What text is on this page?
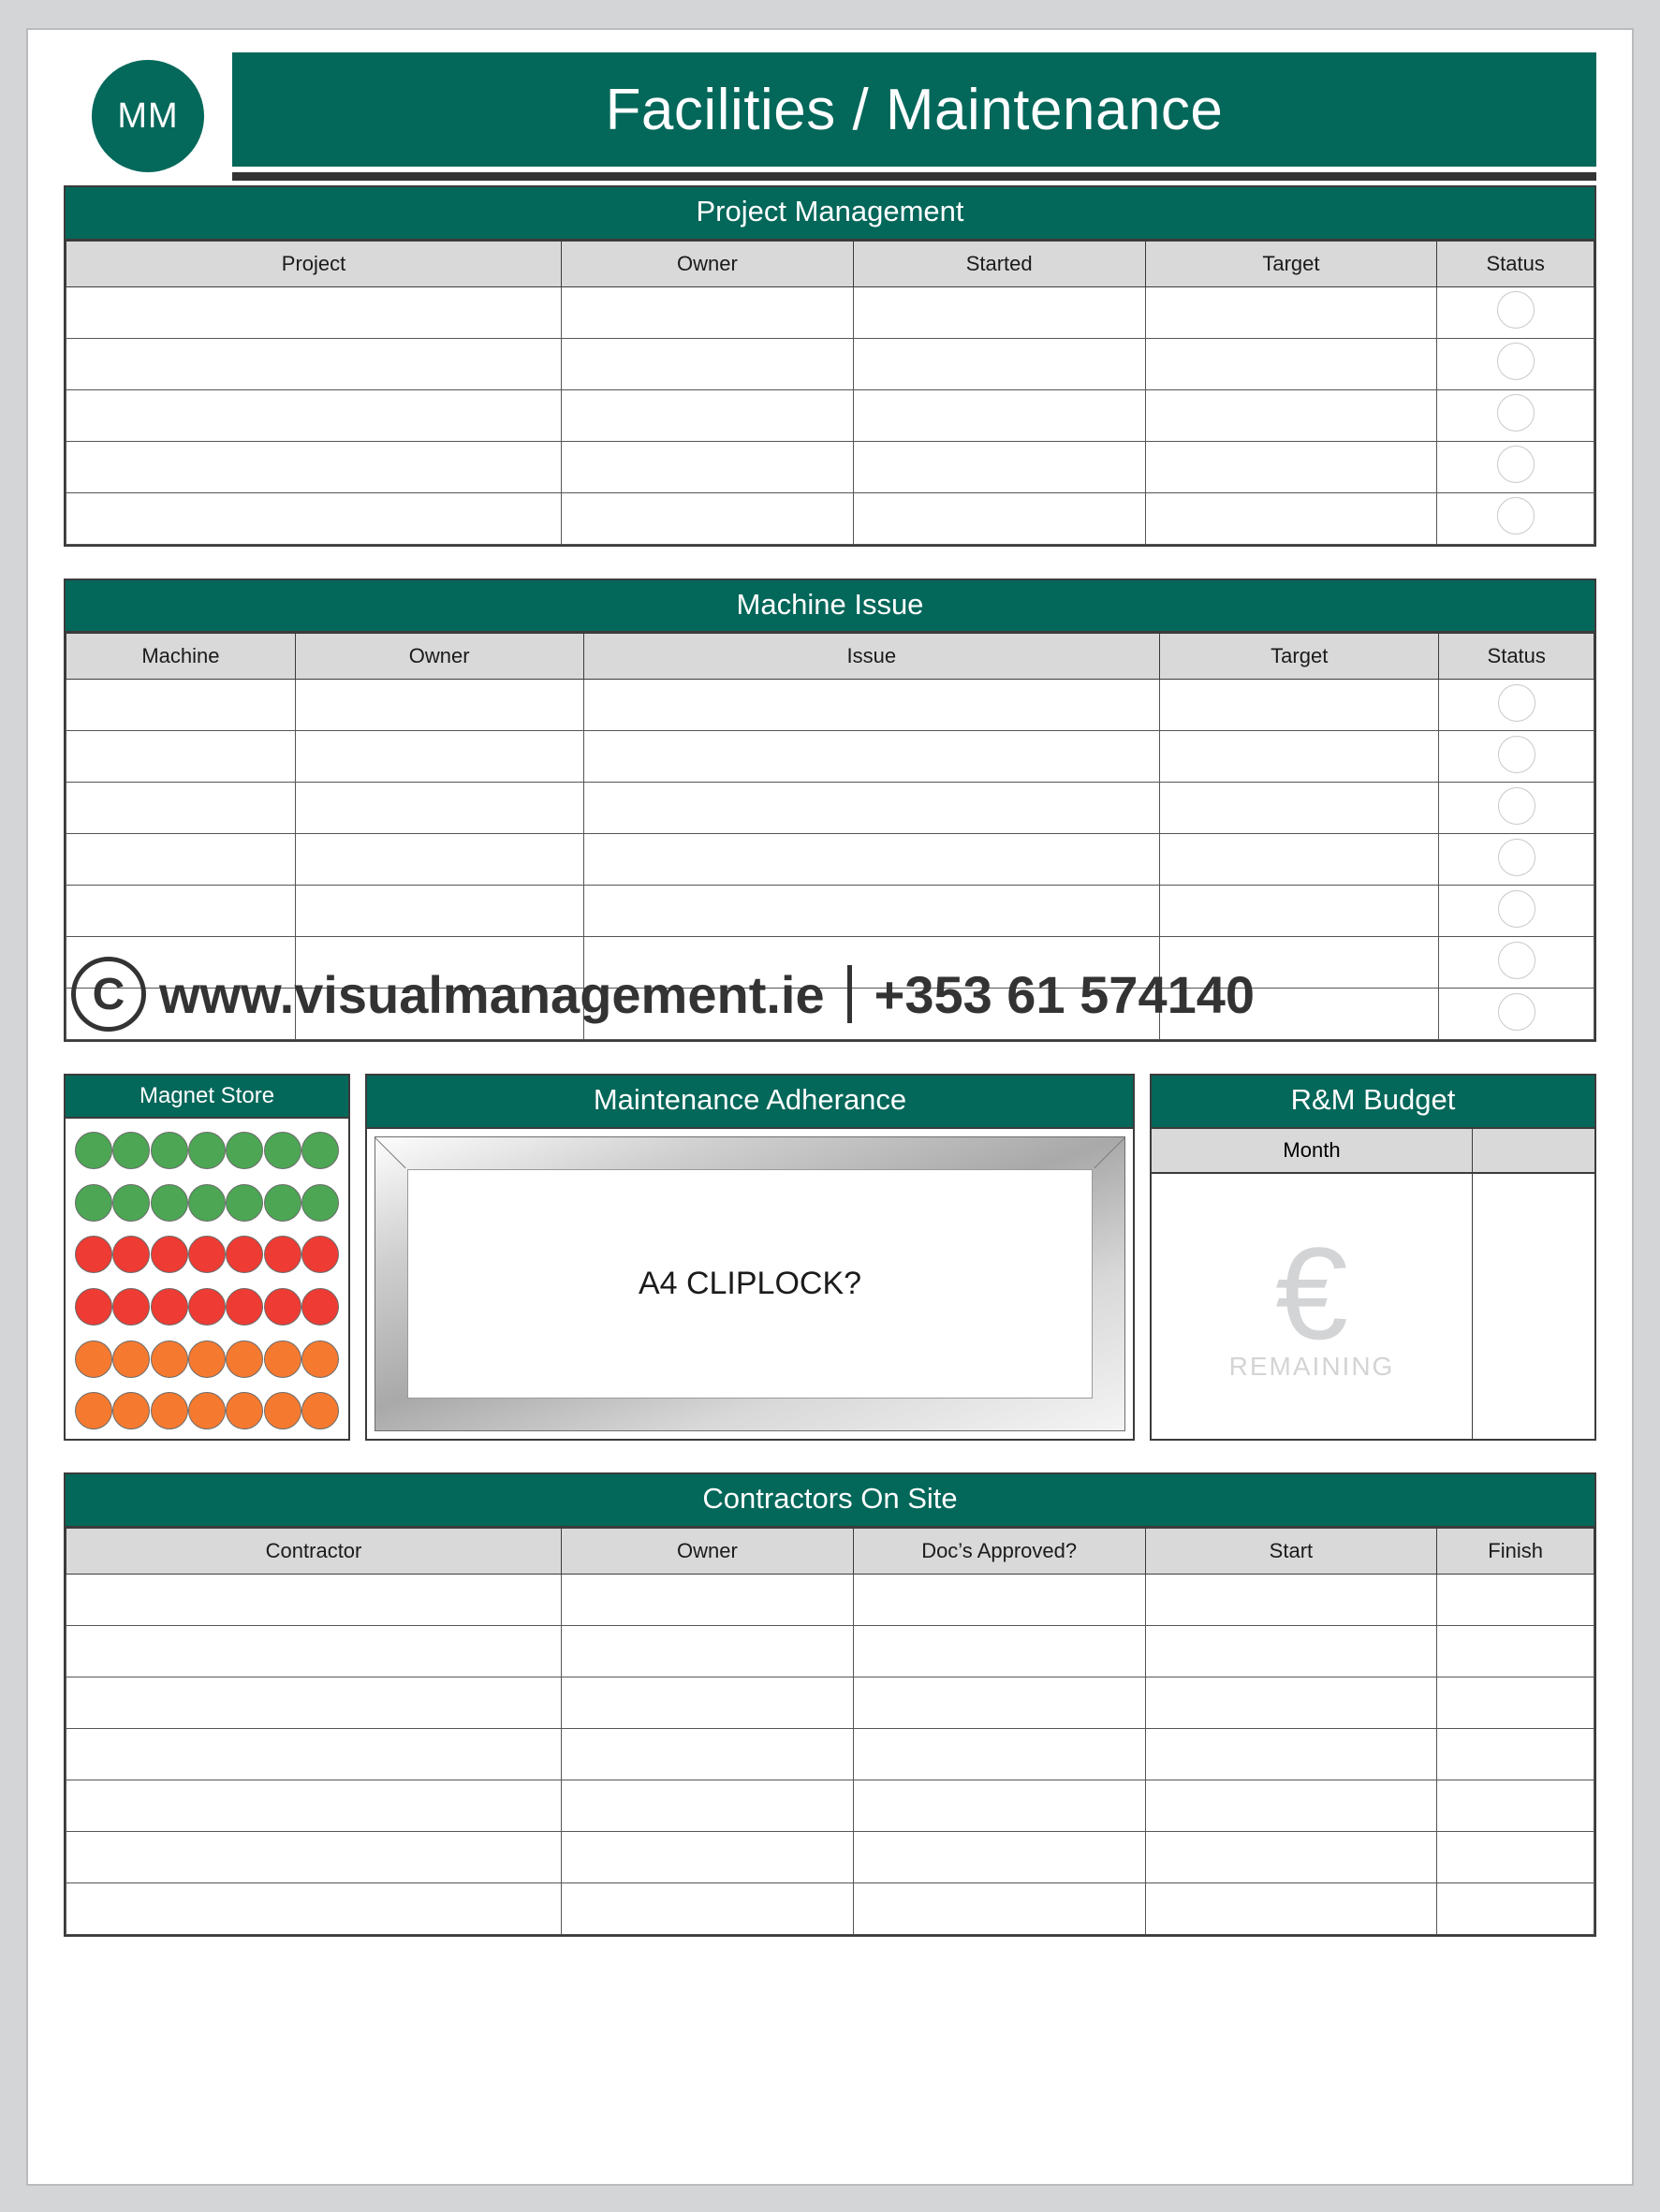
MM	Facilities / Maintenance
Project Management
Project	Owner	Started	Target	Status

Machine Issue
Machine	Owner	Issue	Target	Status

Magnet Store	Maintenance Adherance
A4 CLIPLOCK?
R&M Budget
Month
€
REMAINING
Contractors On Site
Contractor	Owner	Doc’s Approved?	Start	Finish

C www.visualmanagement.ie +353 61 574140
